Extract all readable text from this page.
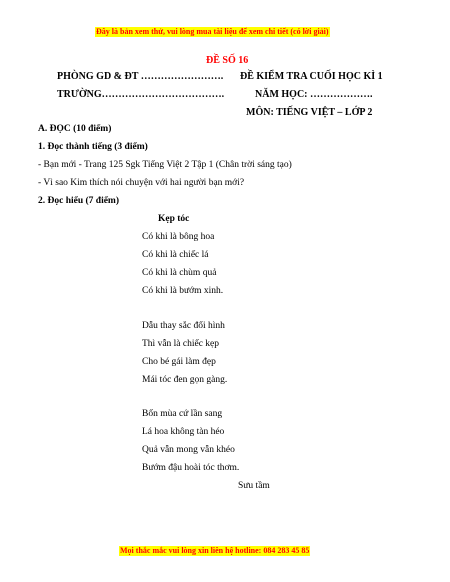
Đây là bản xem thử, vui lòng mua tài liệu để xem chi tiết (có lời giải)
ĐỀ SỐ 16
PHÒNG GD & ĐT ……………………. ĐỀ KIỂM TRA CUỐI HỌC KÌ 1
TRƯỜNG……………………………….	NĂM HỌC: ……………….
MÔN: TIẾNG VIỆT – LỚP 2
A. ĐỌC (10 điểm)
1. Đọc thành tiếng (3 điểm)
- Bạn mới - Trang 125 Sgk Tiếng Việt 2 Tập 1 (Chân trời sáng tạo)
- Vì sao Kim thích nói chuyện với hai người bạn mới?
2. Đọc hiểu (7 điểm)
Kẹp tóc
Có khi là bông hoa
Có khi là chiếc lá
Có khi là chùm quả
Có khi là bướm xinh.
Dẫu thay sắc đổi hình
Thì vẫn là chiếc kẹp
Cho bé gái làm đẹp
Mái tóc đen gọn gàng.
Bốn mùa cứ lần sang
Lá hoa không tàn héo
Quả vẫn mong vẫn khéo
Bướm đậu hoài tóc thơm.
Sưu tầm
Mọi thắc mắc vui lòng xin liên hệ hotline: 084 283 45 85
